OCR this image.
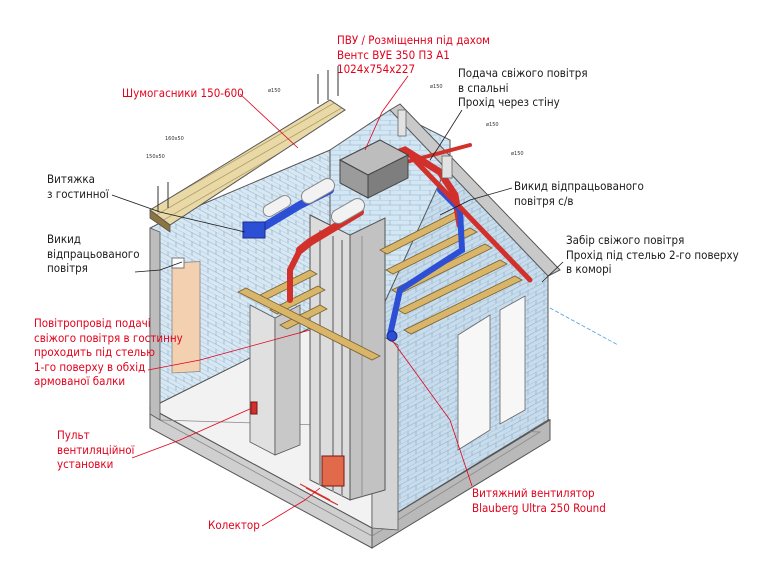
160х50
150х50
ø150
ø150
ø150
ø150
ПВУ / Розміщення під дахом
Вентс ВУЕ 350 П3 А1
1024х754х227	Подача свіжого повітря
в спальні
Прохід через стіну
Шумогасники 150-600
Витяжка
з гостинної
Викид відпрацьованого
повітря с/в
Викид
відпрацьованого
повітря
Забір свіжого повітря
Прохід під стелью 2-го поверху
в коморі
Повітропровід подачі
свіжого повітря в гостинну
проходить під стелью
1-го поверху в обхід
армованої балки
Пульт
вентиляційної
установки
Витяжний вентилятор
Blauberg Ultra 250 Round
Колектор
